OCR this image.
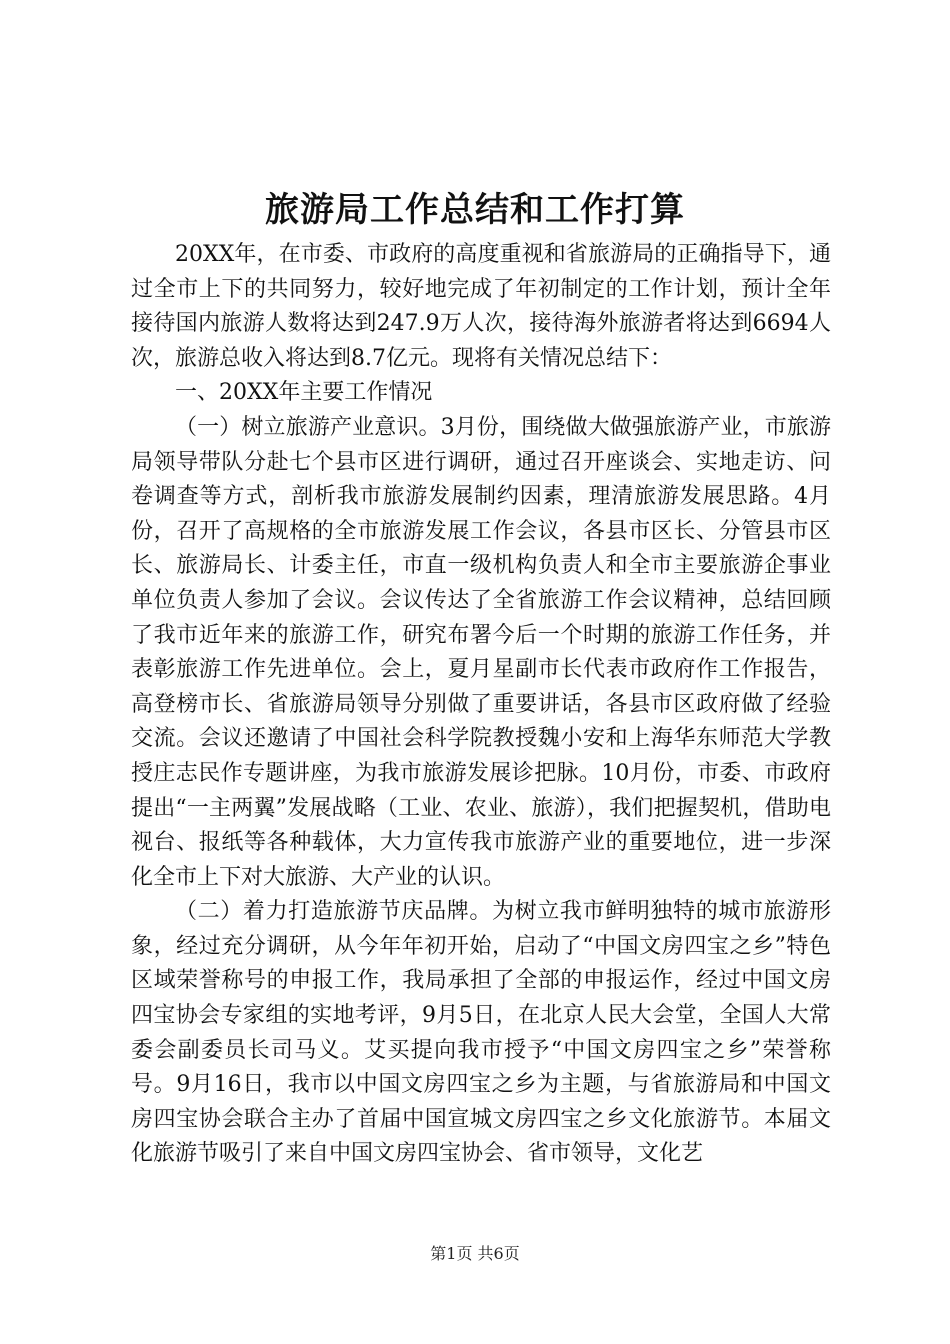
旅游局工作总结和工作打算

20XX年，在市委、市政府的高度重视和省旅游局的正确指导下，通过全市上下的共同努力，较好地完成了年初制定的工作计划，预计全年接待国内旅游人数将达到247.9万人次，接待海外旅游者将达到6694人次，旅游总收入将达到8.7亿元。现将有关情况总结下：

一、20XX年主要工作情况

（一）树立旅游产业意识。3月份，围绕做大做强旅游产业，市旅游局领导带队分赴七个县市区进行调研，通过召开座谈会、实地走访、问卷调查等方式，剖析我市旅游发展制约因素，理清旅游发展思路。4月份，召开了高规格的全市旅游发展工作会议，各县市区长、分管县市区长、旅游局长、计委主任，市直一级机构负责人和全市主要旅游企事业单位负责人参加了会议。会议传达了全省旅游工作会议精神，总结回顾了我市近年来的旅游工作，研究布署今后一个时期的旅游工作任务，并表彰旅游工作先进单位。会上，夏月星副市长代表市政府作工作报告，高登榜市长、省旅游局领导分别做了重要讲话，各县市区政府做了经验交流。会议还邀请了中国社会科学院教授魏小安和上海华东师范大学教授庄志民作专题讲座，为我市旅游发展诊把脉。10月份，市委、市政府提出“一主两翼”发展战略（工业、农业、旅游），我们把握契机，借助电视台、报纸等各种载体，大力宣传我市旅游产业的重要地位，进一步深化全市上下对大旅游、大产业的认识。

（二）着力打造旅游节庆品牌。为树立我市鲜明独特的城市旅游形象，经过充分调研，从今年年初开始，启动了“中国文房四宝之乡”特色区域荣誉称号的申报工作，我局承担了全部的申报运作，经过中国文房四宝协会专家组的实地考评，9月5日，在北京人民大会堂，全国人大常委会副委员长司马义。艾买提向我市授予“中国文房四宝之乡”荣誉称号。9月16日，我市以中国文房四宝之乡为主题，与省旅游局和中国文房四宝协会联合主办了首届中国宣城文房四宝之乡文化旅游节。本届文化旅游节吸引了来自中国文房四宝协会、省市领导，文化艺

第1页 共6页
